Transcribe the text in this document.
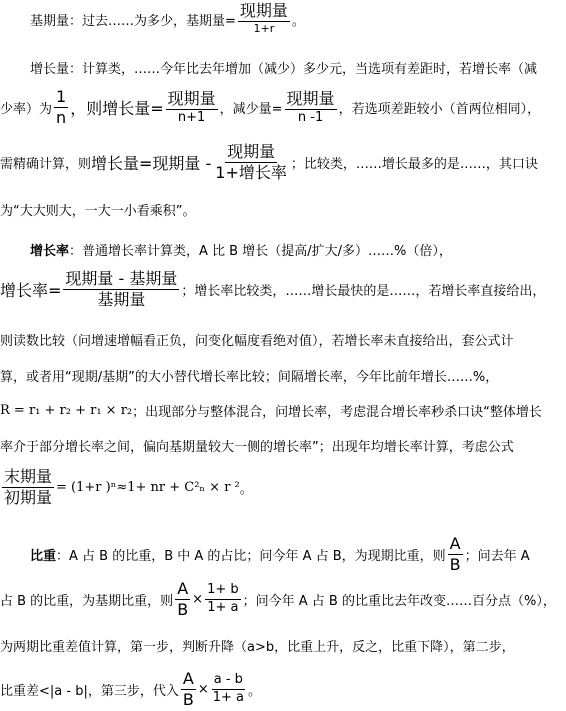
基期量：过去……为多少，基期量= $\frac{\text{现期量}}{1+r}$ 。
增长量：计算类，……今年比去年增加（减少）多少元，当选项有差距时，若增长率（减
少率）为 $\frac{1}{n}$ ，则增长量= $\frac{\text{现期量}}{n+1}$ ，减少量= $\frac{\text{现期量}}{n -1}$ ，若选项差距较小（首两位相同），
需精确计算，则 增长量=现期量 - $\frac{\text{现期量}}{\text{1+增长率}}$ ；比较类，……增长最多的是……，其口诀
为“大大则大，一大一小看乘积”。
增长率 ：普通增长率计算类，A 比 B 增长（提高/扩大/多）……%（倍），
增长率= $\frac{\text{现期量 - 基期量}}{\text{基期量}}$ ；增长率比较类，……增长最快的是……，若增长率直接给出，
则读数比较（问增速增幅看正负，问变化幅度看绝对值），若增长率未直接给出，套公式计
算，或者用“现期/基期”的大小替代增长率比较；间隔增长率，今年比前年增长……%，
R = r₁ + r₂ + r₁ × r₂ ；出现部分与整体混合，问增长率，考虑混合增长率秒杀口诀“整体增长
率介于部分增长率之间，偏向基期量较大一侧的增长率”；出现年均增长率计算，考虑公式
$\frac{\text{末期量}}{\text{初期量}} = (1+r$ )ⁿ≈1+ nr + C²ₙ × r ² 。
比重 ：A 占 B 的比重，B 中 A 的占比；问今年 A 占 B，为现期比重，则 $\frac{A}{B}$ ；问去年 A
占 B 的比重，为基期比重，则 $\frac{A}{B} \times \frac{1+ b}{1+ a}$ ；问今年 A 占 B 的比重比去年改变……百分点（%），
为两期比重差值计算，第一步，判断升降（a>b，比重上升，反之，比重下降），第二步，
比重差<|a - b|，第三步，代入 $\frac{A}{B} \times \frac{a - b}{1+ a}$ 。
